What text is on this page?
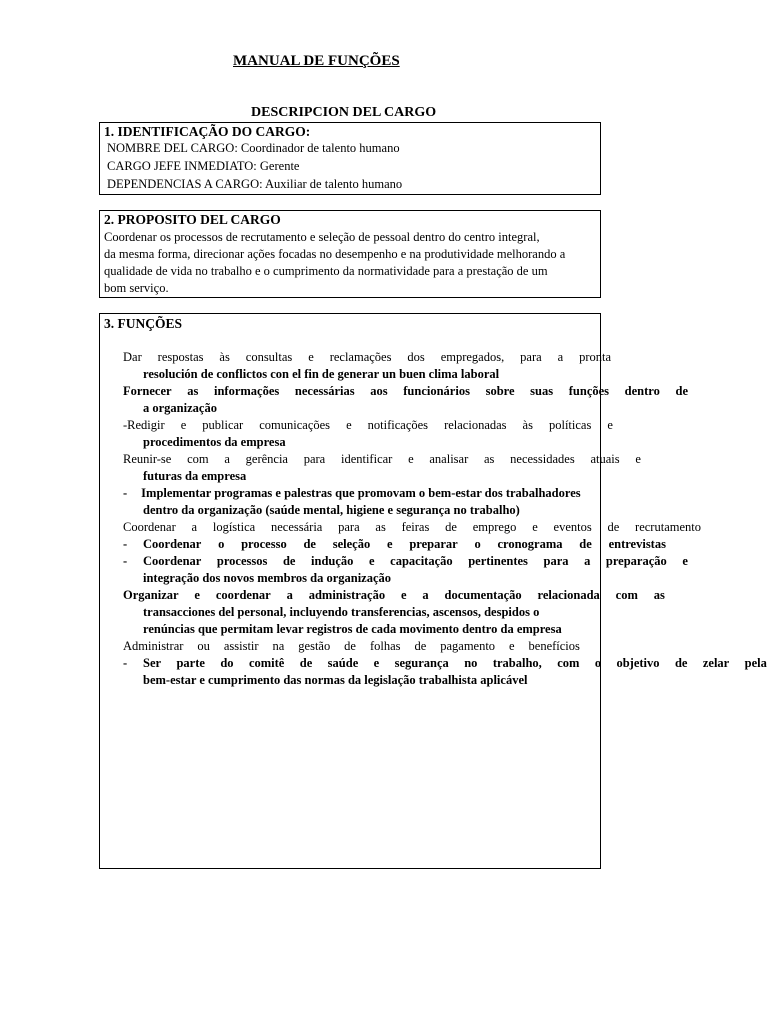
MANUAL DE FUNÇÕES
DESCRIPCION DEL CARGO
1. IDENTIFICAÇÃO DO CARGO:
NOMBRE DEL CARGO: Coordinador de talento humano
CARGO JEFE INMEDIATO: Gerente
DEPENDENCIAS A CARGO: Auxiliar de talento humano
2. PROPOSITO DEL CARGO
Coordenar os processos de recrutamento e seleção de pessoal dentro do centro integral,
da mesma forma, direcionar ações focadas no desempenho e na produtividade melhorando a
qualidade de vida no trabalho e o cumprimento da normatividade para a prestação de um
bom serviço.
3. FUNÇÕES
Dar respostas às consultas e reclamações dos empregados, para a pronta
resolución de conflictos con el fin de generar un buen clima laboral
Fornecer as informações necessárias aos funcionários sobre suas funções dentro de
a organização
-Redigir e publicar comunicações e notificações relacionadas às políticas e
procedimentos da empresa
Reunir-se com a gerência para identificar e analisar as necessidades atuais e
futuras da empresa
- Implementar programas e palestras que promovam o bem-estar dos trabalhadores
dentro da organização (saúde mental, higiene e segurança no trabalho)
Coordenar a logística necessária para as feiras de emprego e eventos de recrutamento
-	Coordenar o processo de seleção e preparar o cronograma de entrevistas
-	Coordenar processos de indução e capacitação pertinentes para a preparação e
integração dos novos membros da organização
Organizar e coordenar a administração e a documentação relacionada com as
transacciones del personal, incluyendo transferencias, ascensos, despidos o
renúncias que permitam levar registros de cada movimento dentro da empresa
Administrar ou assistir na gestão de folhas de pagamento e benefícios
-	Ser parte do comitê de saúde e segurança no trabalho, com o objetivo de zelar pela
bem-estar e cumprimento das normas da legislação trabalhista aplicável
